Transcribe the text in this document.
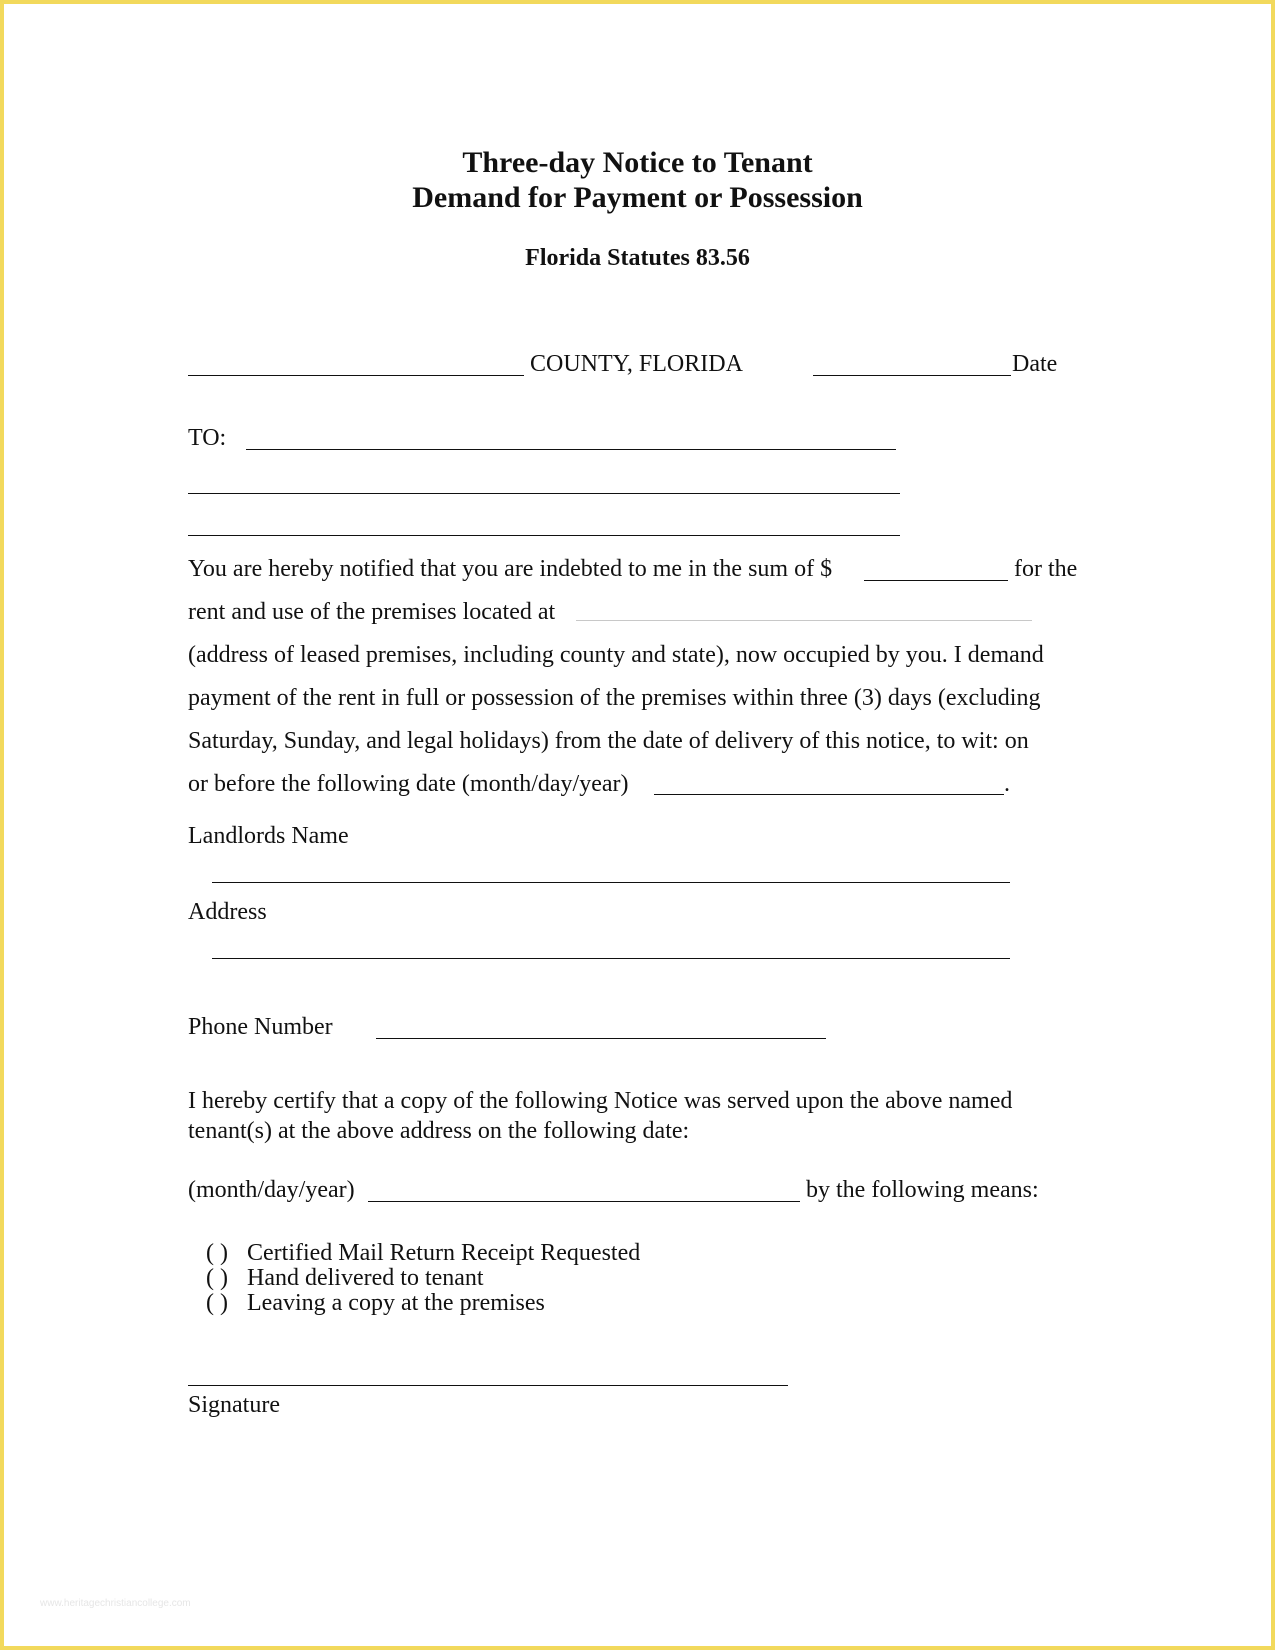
Three-day Notice to Tenant
Demand for Payment or Possession
Florida Statutes 83.56
COUNTY, FLORIDA	Date
TO:
You are hereby notified that you are indebted to me in the sum of $	for the
rent and use of the premises located at
(address of leased premises, including county and state), now occupied by you. I demand
payment of the rent in full or possession of the premises within three (3) days (excluding
Saturday, Sunday, and legal holidays) from the date of delivery of this notice, to wit: on
or before the following date (month/day/year)	.
Landlords Name
Address
Phone Number
I hereby certify that a copy of the following Notice was served upon the above named
tenant(s) at the above address on the following date:
(month/day/year)	by the following means:
( ) Certified Mail Return Receipt Requested
( ) Hand delivered to tenant
( ) Leaving a copy at the premises
Signature
www.heritagechristiancollege.com
